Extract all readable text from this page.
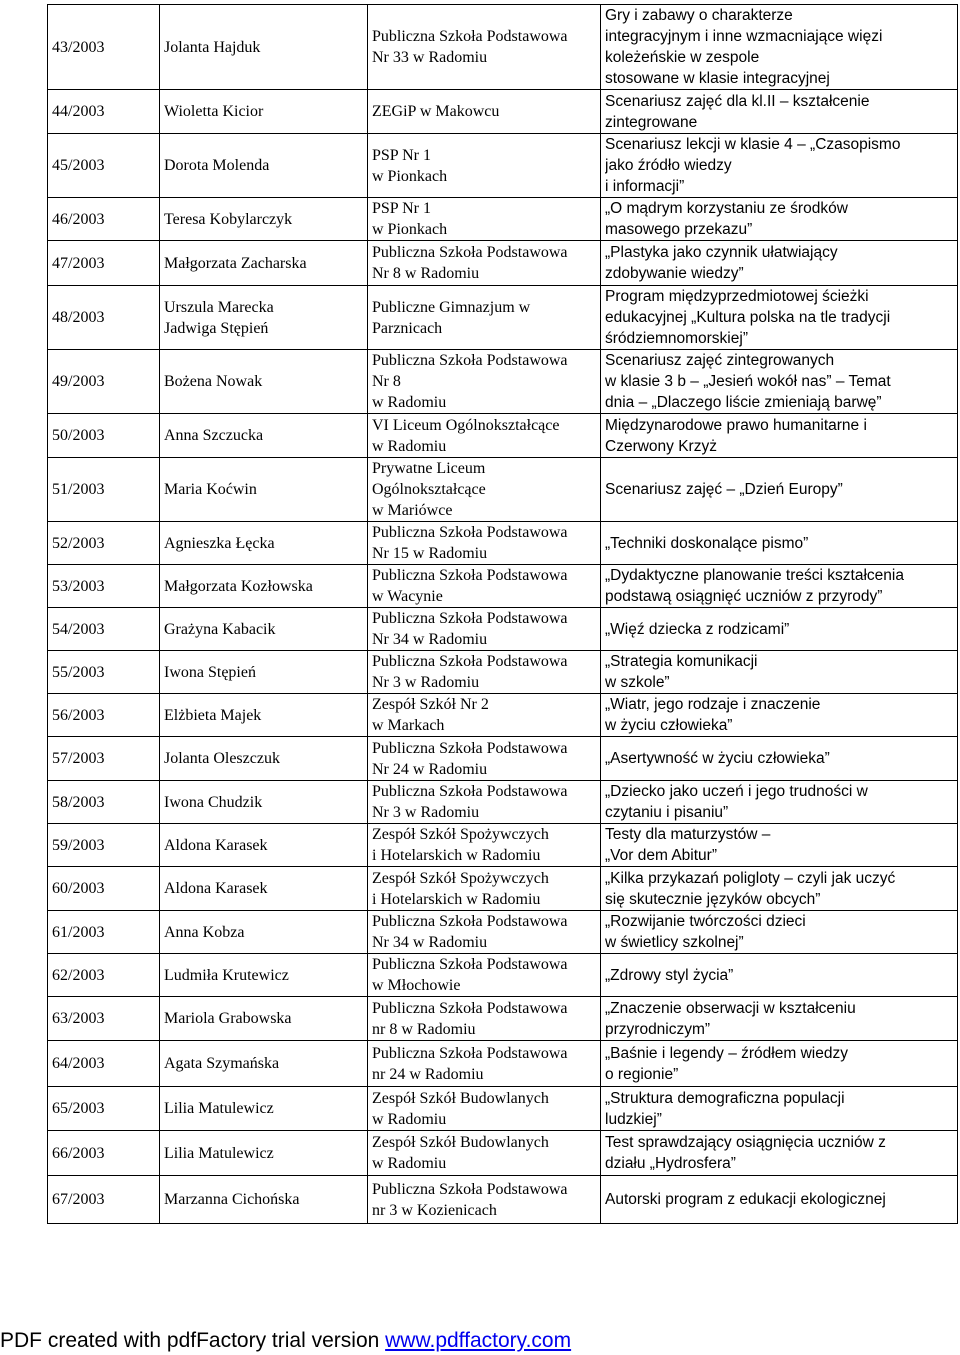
43/2003	Jolanta Hajduk	Publiczna Szkoła Podstawowa
Nr 33 w Radomiu	Gry i zabawy o charakterze
integracyjnym i inne wzmacniające więzi
koleżeńskie w zespole
stosowane w klasie integracyjnej

44/2003	Wioletta Kicior	ZEGiP w Makowcu	Scenariusz zajęć dla kl.II – kształcenie
zintegrowane

45/2003	Dorota Molenda	PSP Nr 1
w Pionkach	Scenariusz lekcji w klasie 4 – „Czasopismo
jako źródło wiedzy
i informacji”

46/2003	Teresa Kobylarczyk	PSP Nr 1
w Pionkach	„O mądrym korzystaniu ze środków
masowego przekazu”

47/2003	Małgorzata Zacharska	Publiczna Szkoła Podstawowa
Nr 8 w Radomiu	„Plastyka jako czynnik ułatwiający
zdobywanie wiedzy”

48/2003	Urszula Marecka
Jadwiga Stępień	Publiczne Gimnazjum w
Parznicach	Program międzyprzedmiotowej ścieżki
edukacyjnej „Kultura polska na tle tradycji
śródziemnomorskiej”

49/2003	Bożena Nowak	Publiczna Szkoła Podstawowa
Nr 8
w Radomiu	Scenariusz zajęć zintegrowanych
w klasie 3 b – „Jesień wokół nas” – Temat
dnia – „Dlaczego liście zmieniają barwę”

50/2003	Anna Szczucka	VI Liceum Ogólnokształcące
w Radomiu	Międzynarodowe prawo humanitarne i
Czerwony Krzyż

51/2003	Maria Koćwin	Prywatne Liceum
Ogólnokształcące
w Mariówce	Scenariusz zajęć – „Dzień Europy”

52/2003	Agnieszka Łęcka	Publiczna Szkoła Podstawowa
Nr 15 w Radomiu	„Techniki doskonalące pismo”

53/2003	Małgorzata Kozłowska	Publiczna Szkoła Podstawowa
w Wacynie	„Dydaktyczne planowanie treści kształcenia
podstawą osiągnięć uczniów z przyrody”

54/2003	Grażyna Kabacik	Publiczna Szkoła Podstawowa
Nr 34 w Radomiu	„Więź dziecka z rodzicami”

55/2003	Iwona Stępień	Publiczna Szkoła Podstawowa
Nr 3 w Radomiu	„Strategia komunikacji
w szkole”

56/2003	Elżbieta Majek	Zespół Szkół Nr 2
w Markach	„Wiatr, jego rodzaje i znaczenie
w życiu człowieka”

57/2003	Jolanta Oleszczuk	Publiczna Szkoła Podstawowa
Nr 24 w Radomiu	„Asertywność w życiu człowieka”

58/2003	Iwona Chudzik	Publiczna Szkoła Podstawowa
Nr 3 w Radomiu	„Dziecko jako uczeń i jego trudności w
czytaniu i pisaniu”

59/2003	Aldona Karasek	Zespół Szkół Spożywczych
i Hotelarskich w Radomiu	Testy dla maturzystów –
„Vor dem Abitur”

60/2003	Aldona Karasek	Zespół Szkół Spożywczych
i Hotelarskich w Radomiu	„Kilka przykazań poligloty – czyli jak uczyć
się skutecznie języków obcych”

61/2003	Anna Kobza	Publiczna Szkoła Podstawowa
Nr 34 w Radomiu	„Rozwijanie twórczości dzieci
w świetlicy szkolnej”

62/2003	Ludmiła Krutewicz	Publiczna Szkoła Podstawowa
w Młochowie	„Zdrowy styl życia”

63/2003	Mariola Grabowska	Publiczna Szkoła Podstawowa
nr 8 w Radomiu	„Znaczenie obserwacji w kształceniu
przyrodniczym”

64/2003	Agata Szymańska	Publiczna Szkoła Podstawowa
nr 24 w Radomiu	„Baśnie i legendy – źródłem wiedzy
o regionie”

65/2003	Lilia Matulewicz	Zespół Szkół Budowlanych
w Radomiu	„Struktura demograficzna populacji
ludzkiej”

66/2003	Lilia Matulewicz	Zespół Szkół Budowlanych
w Radomiu	Test sprawdzający osiągnięcia uczniów z
działu „Hydrosfera”

67/2003	Marzanna Cichońska	Publiczna Szkoła Podstawowa
nr 3 w Kozienicach	Autorski program z edukacji ekologicznej
PDF created with pdfFactory trial version www.pdffactory.com
